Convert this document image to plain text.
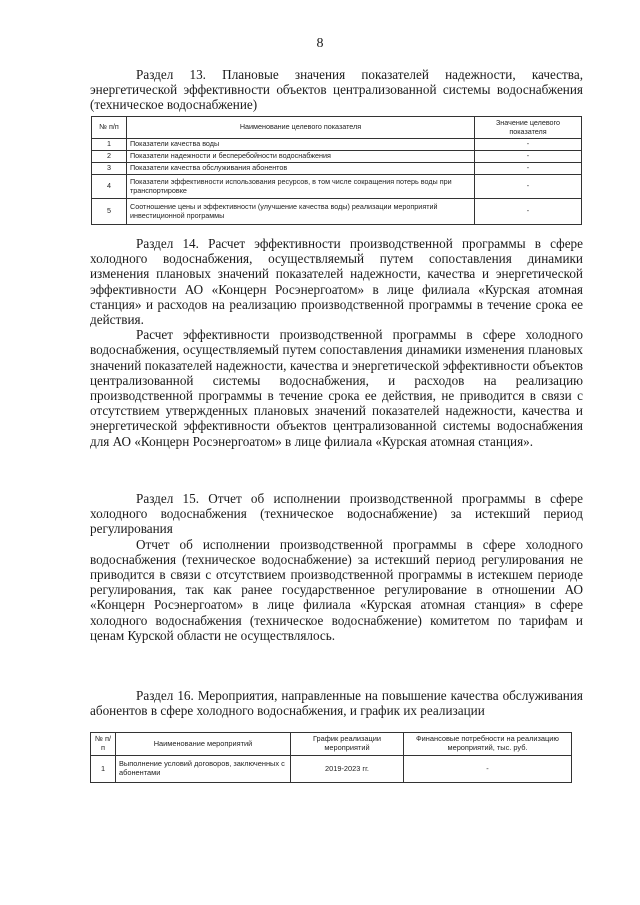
8

Раздел 13. Плановые значения показателей надежности, качества, энергетической эффективности объектов централизованной системы водоснабжения (техническое водоснабжение)

№ п/п	Наименование целевого показателя	Значение целевого показателя
1	Показатели качества воды	-
2	Показатели надежности и бесперебойности водоснабжения	-
3	Показатели качества обслуживания абонентов	-
4	Показатели эффективности использования ресурсов, в том числе сокращения потерь воды при транспортировке	-
5	Соотношение цены и эффективности (улучшение качества воды) реализации мероприятий инвестиционной программы	-

Раздел 14. Расчет эффективности производственной программы в сфере холодного водоснабжения, осуществляемый путем сопоставления динамики изменения плановых значений показателей надежности, качества и энергетической эффективности АО «Концерн Росэнергоатом» в лице филиала «Курская атомная станция» и расходов на реализацию производственной программы в течение срока ее действия.

Расчет эффективности производственной программы в сфере холодного водоснабжения, осуществляемый путем сопоставления динамики изменения плановых значений показателей надежности, качества и энергетической эффективности объектов централизованной системы водоснабжения, и расходов на реализацию производственной программы в течение срока ее действия, не приводится в связи с отсутствием утвержденных плановых значений показателей надежности, качества и энергетической эффективности объектов централизованной системы водоснабжения для АО «Концерн Росэнергоатом» в лице филиала «Курская атомная станция».

Раздел 15. Отчет об исполнении производственной программы в сфере холодного водоснабжения (техническое водоснабжение) за истекший период регулирования

Отчет об исполнении производственной программы в сфере холодного водоснабжения (техническое водоснабжение) за истекший период регулирования не приводится в связи с отсутствием производственной программы в истекшем периоде регулирования, так как ранее государственное регулирование в отношении АО «Концерн Росэнергоатом» в лице филиала «Курская атомная станция» в сфере холодного водоснабжения (техническое водоснабжение) комитетом по тарифам и ценам Курской области не осуществлялось.

Раздел 16. Мероприятия, направленные на повышение качества обслуживания абонентов в сфере холодного водоснабжения, и график их реализации

№ п/п	Наименование мероприятий	График реализации мероприятий	Финансовые потребности на реализацию мероприятий, тыс. руб.
1	Выполнение условий договоров, заключенных с абонентами	2019-2023 гг.	-
